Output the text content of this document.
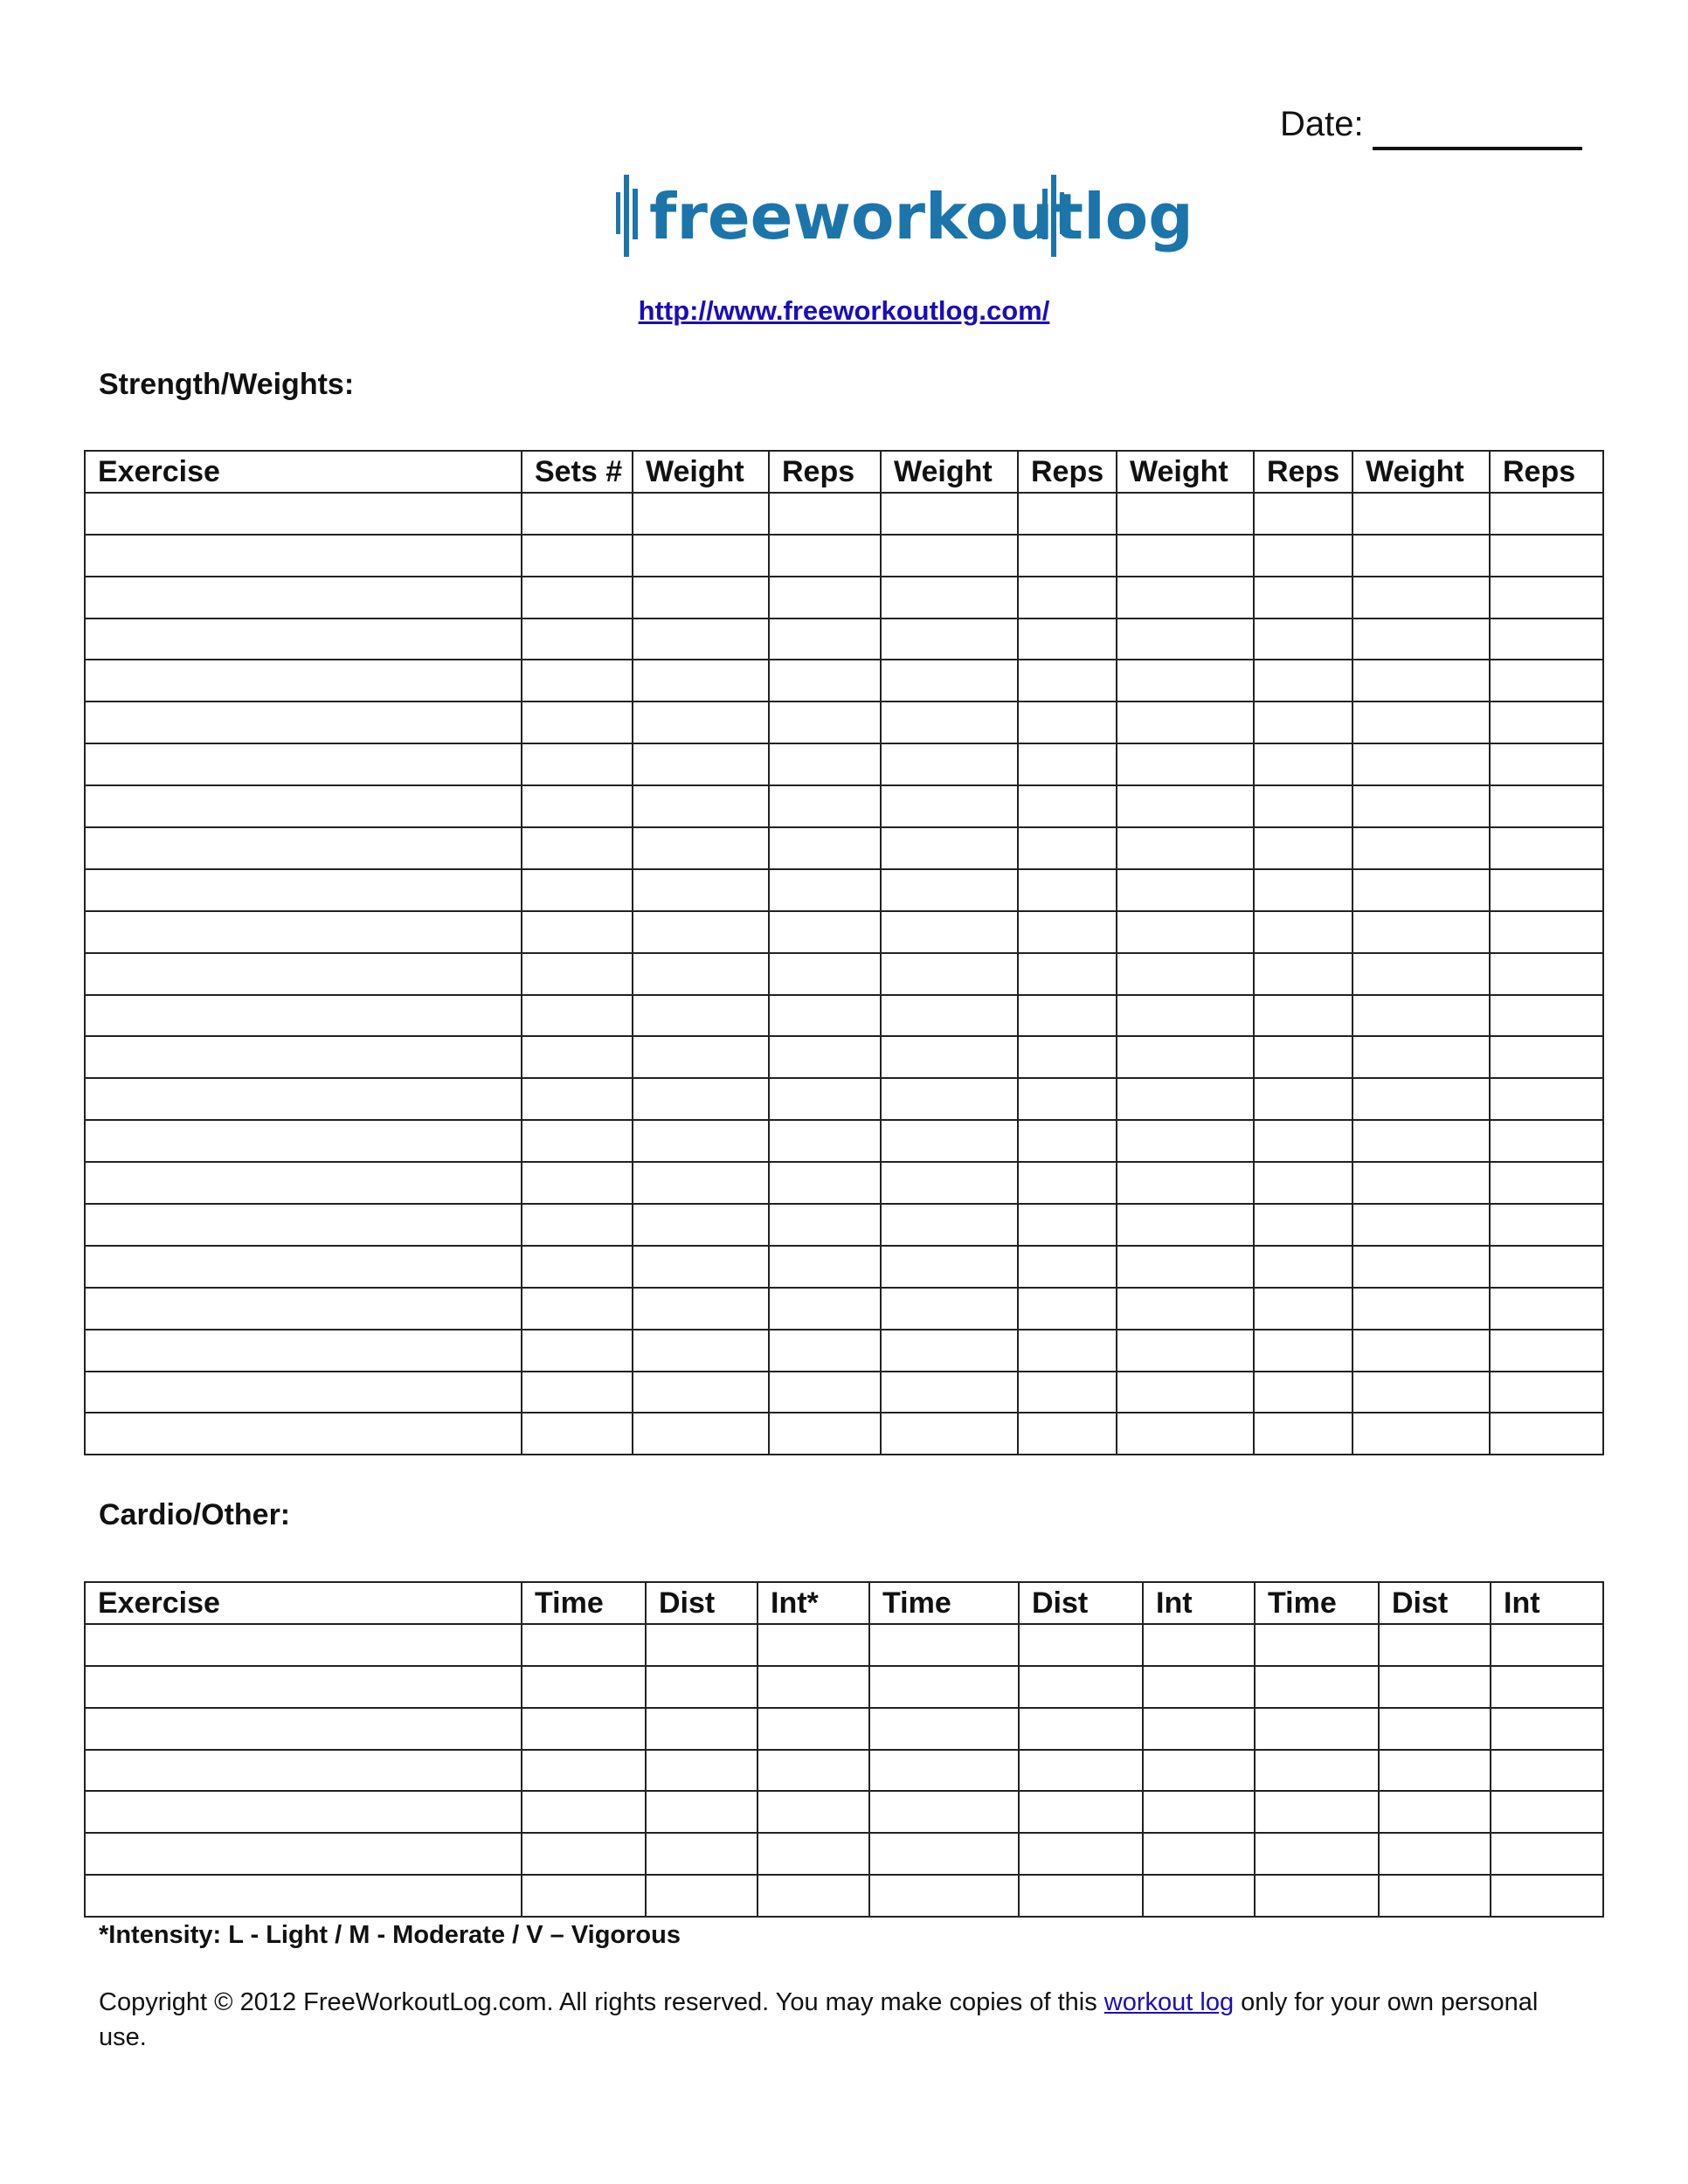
Date:
freeworkoutlog
http://www.freeworkoutlog.com/
Strength/Weights:
Exercise	Sets #	Weight	Reps	Weight	Reps	Weight	Reps	Weight	Reps

Cardio/Other:
Exercise	Time	Dist	Int*	Time	Dist	Int	Time	Dist	Int

*Intensity: L - Light / M - Moderate / V – Vigorous
Copyright © 2012 FreeWorkoutLog.com. All rights reserved. You may make copies of this workout log only for your own personal use.
